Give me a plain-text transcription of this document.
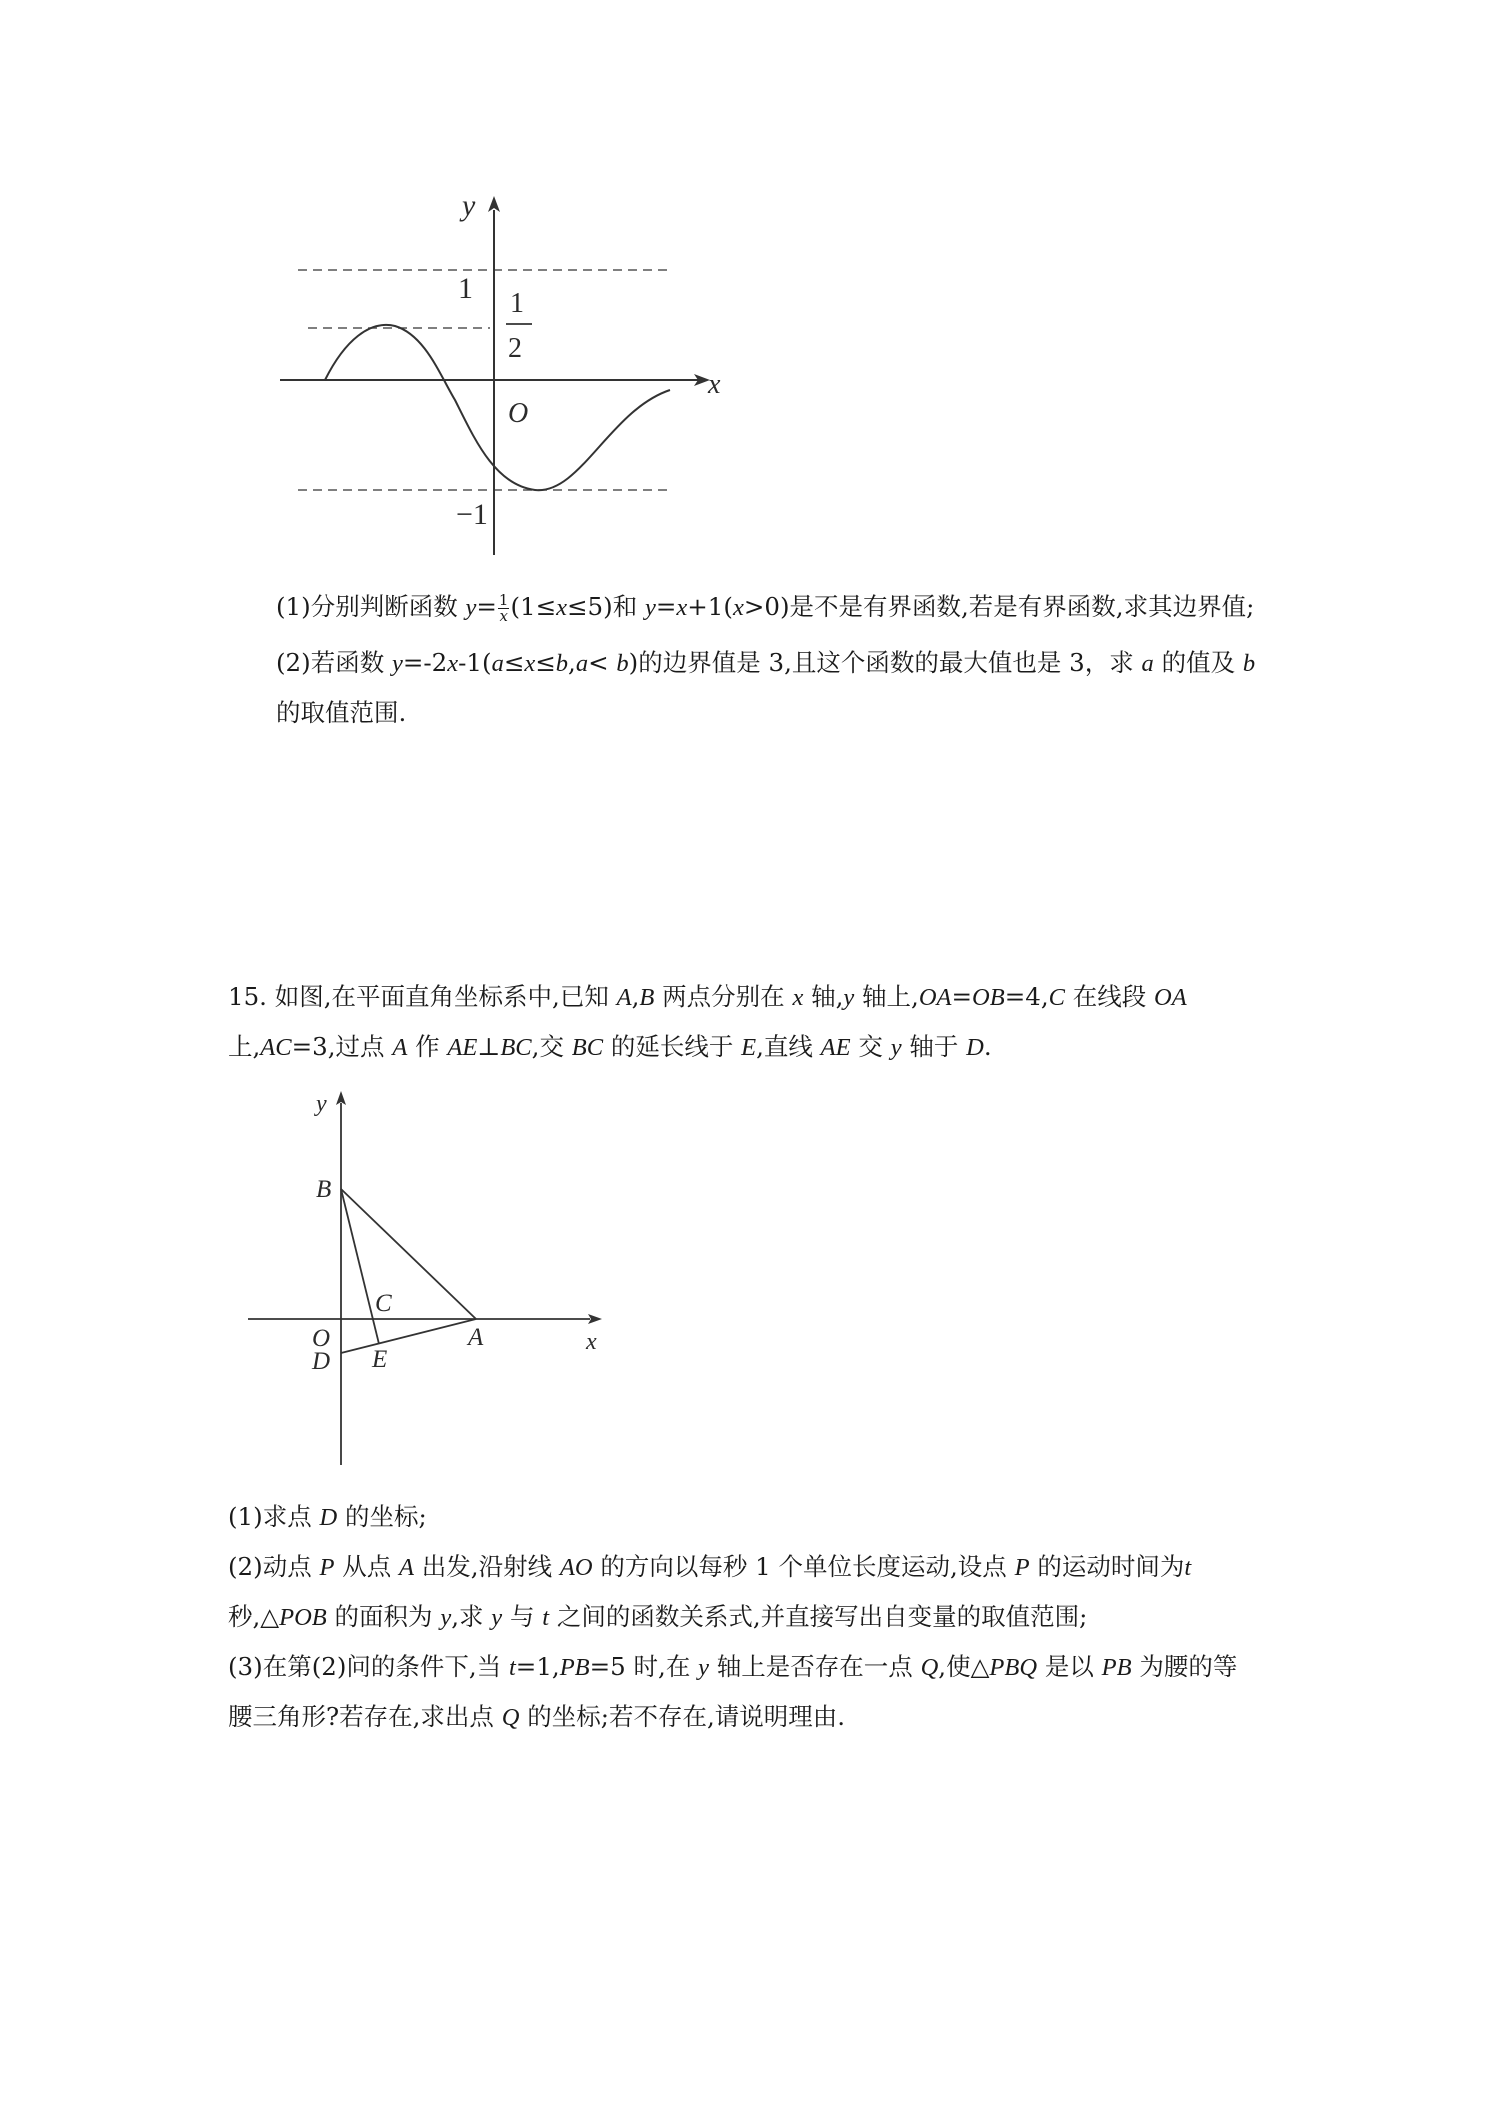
y
x
1 1
2
O
−1
(1)分别判断函数 $y= \frac{1}{x} (1\le x\le 5)$和 y=x+1(x>0)是不是有界函数,若是有界函数,求其边界值;
(2)若函数 y=-2x-1(a≤x≤b,a< b)的边界值是 3,且这个函数的最大值也是 3，求 a 的值及 b
的取值范围.
15. 如图,在平面直角坐标系中,已知 A,B 两点分别在 x 轴,y 轴上,OA=OB=4,C 在线段 OA
上,AC=3,过点 A 作 AE⊥BC,交 BC 的延长线于 E,直线 AE 交 y 轴于 D.
y
x
B
C
O	A
D E
(1)求点 D 的坐标;
(2)动点 P 从点 A 出发,沿射线 AO 的方向以每秒 1 个单位长度运动,设点 P 的运动时间为t
秒,△POB 的面积为 y,求 y 与 t 之间的函数关系式,并直接写出自变量的取值范围;
(3)在第(2)问的条件下,当 t=1,PB=5 时,在 y 轴上是否存在一点 Q,使△PBQ 是以 PB 为腰的等
腰三角形?若存在,求出点 Q 的坐标;若不存在,请说明理由.
